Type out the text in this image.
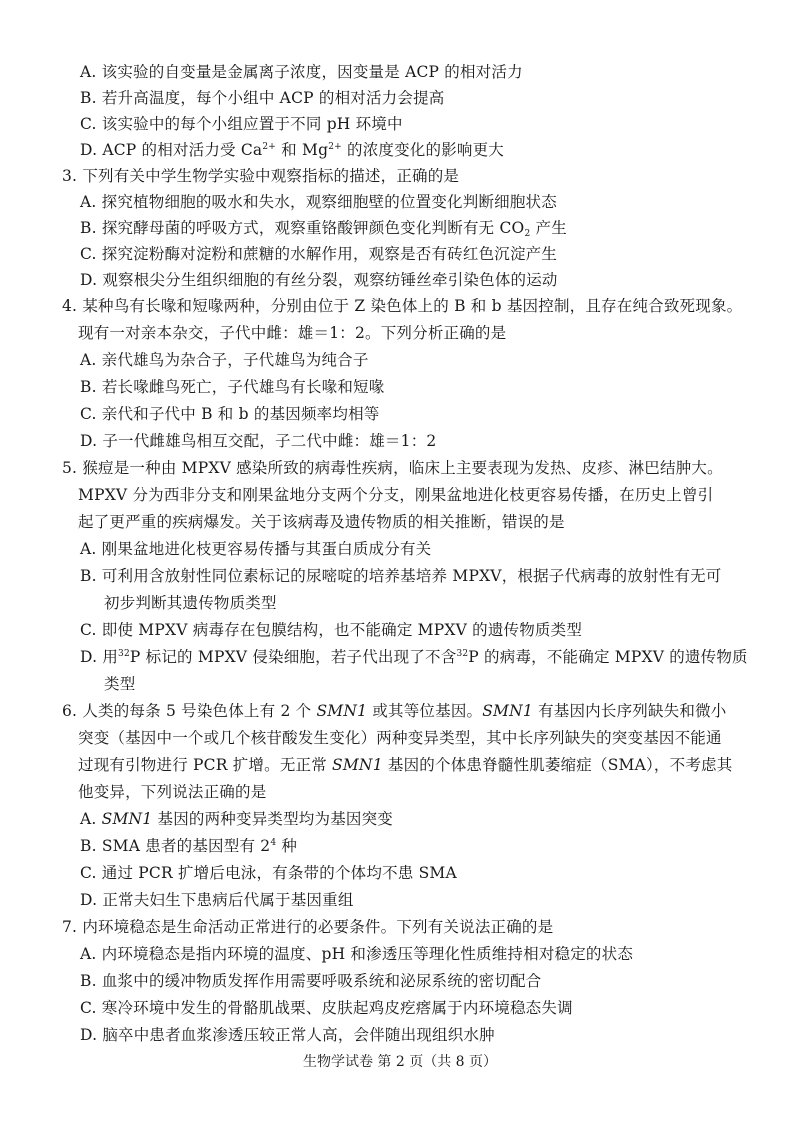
A. 该实验的自变量是金属离子浓度，因变量是 ACP 的相对活力
B. 若升高温度，每个小组中 ACP 的相对活力会提高
C. 该实验中的每个小组应置于不同 pH 环境中
D. ACP 的相对活力受 $Ca^{2+}$ 和 $Mg^{2+}$ 的浓度变化的影响更大
3. 下列有关中学生物学实验中观察指标的描述，正确的是
A. 探究植物细胞的吸水和失水，观察细胞壁的位置变化判断细胞状态
B. 探究酵母菌的呼吸方式，观察重铬酸钾颜色变化判断有无 $CO_2$ 产生
C. 探究淀粉酶对淀粉和蔗糖的水解作用，观察是否有砖红色沉淀产生
D. 观察根尖分生组织细胞的有丝分裂，观察纺锤丝牵引染色体的运动
4. 某种鸟有长喙和短喙两种，分别由位于 Z 染色体上的 B 和 b 基因控制，且存在纯合致死现象。
现有一对亲本杂交，子代中雌：雄＝1：2。下列分析正确的是
A. 亲代雄鸟为杂合子，子代雄鸟为纯合子
B. 若长喙雌鸟死亡，子代雄鸟有长喙和短喙
C. 亲代和子代中 B 和 b 的基因频率均相等
D. 子一代雌雄鸟相互交配，子二代中雌：雄＝1：2
5. 猴痘是一种由 MPXV 感染所致的病毒性疾病，临床上主要表现为发热、皮疹、淋巴结肿大。
MPXV 分为西非分支和刚果盆地分支两个分支，刚果盆地进化枝更容易传播，在历史上曾引
起了更严重的疾病爆发。关于该病毒及遗传物质的相关推断，错误的是
A. 刚果盆地进化枝更容易传播与其蛋白质成分有关
B. 可利用含放射性同位素标记的尿嘧啶的培养基培养 MPXV，根据子代病毒的放射性有无可
初步判断其遗传物质类型
C. 即使 MPXV 病毒存在包膜结构，也不能确定 MPXV 的遗传物质类型
D. 用$^{32}$P 标记的 MPXV 侵染细胞，若子代出现了不含$^{32}$P 的病毒，不能确定 MPXV 的遗传物质
类型
6. 人类的每条 5 号染色体上有 2 个 SMN1 或其等位基因。SMN1 有基因内长序列缺失和微小
突变（基因中一个或几个核苷酸发生变化）两种变异类型，其中长序列缺失的突变基因不能通
过现有引物进行 PCR 扩增。无正常 SMN1 基因的个体患脊髓性肌萎缩症（SMA），不考虑其
他变异，下列说法正确的是
A. SMN1 基因的两种变异类型均为基因突变
B. SMA 患者的基因型有 $2^4$ 种
C. 通过 PCR 扩增后电泳，有条带的个体均不患 SMA
D. 正常夫妇生下患病后代属于基因重组
7. 内环境稳态是生命活动正常进行的必要条件。下列有关说法正确的是
A. 内环境稳态是指内环境的温度、pH 和渗透压等理化性质维持相对稳定的状态
B. 血浆中的缓冲物质发挥作用需要呼吸系统和泌尿系统的密切配合
C. 寒冷环境中发生的骨骼肌战栗、皮肤起鸡皮疙瘩属于内环境稳态失调
D. 脑卒中患者血浆渗透压较正常人高，会伴随出现组织水肿
生物学试卷 第 2 页（共 8 页）
